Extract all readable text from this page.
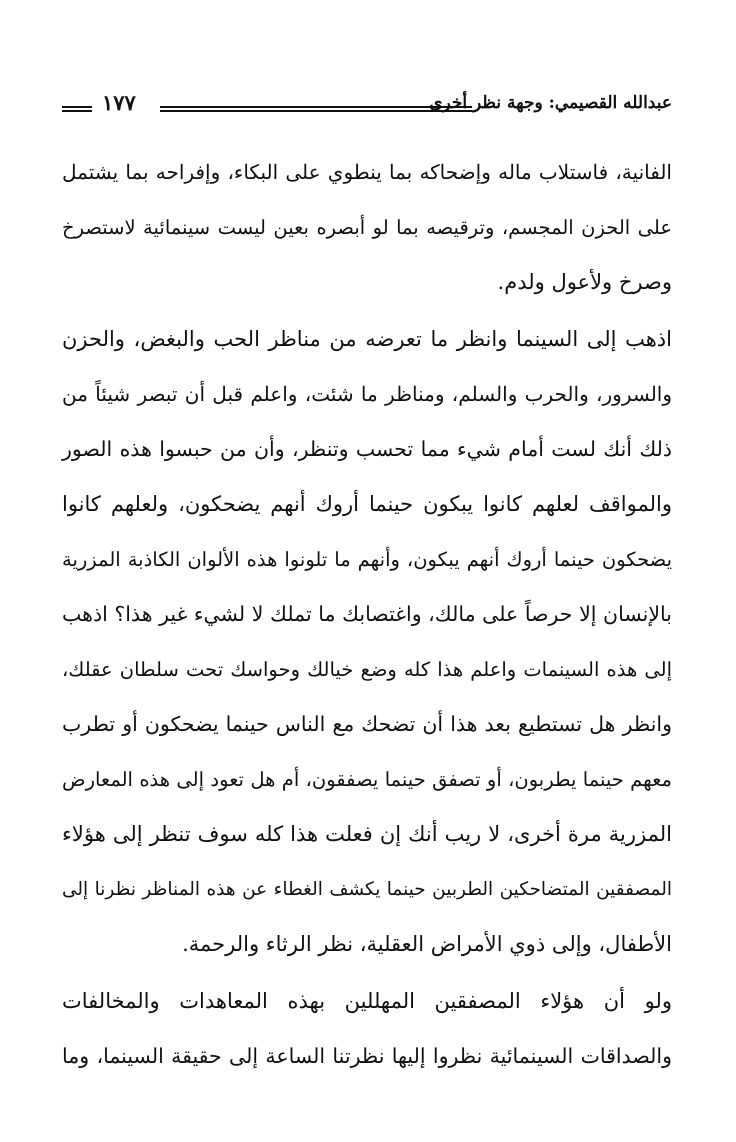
١٧٧	عبدالله القصيمي: وجهة نظر أخرى
الفانية، فاستلاب ماله وإضحاكه بما ينطوي على البكاء، وإفراحه بما يشتمل
على الحزن المجسم، وترقيصه بما لو أبصره بعين ليست سينمائية لاستصرخ
وصرخ ولأعول ولدم.
اذهب إلى السينما وانظر ما تعرضه من مناظر الحب والبغض، والحزن
والسرور، والحرب والسلم، ومناظر ما شئت، واعلم قبل أن تبصر شيئاً من
ذلك أنك لست أمام شيء مما تحسب وتنظر، وأن من حبسوا هذه الصور
والمواقف لعلهم كانوا يبكون حينما أروك أنهم يضحكون، ولعلهم كانوا
يضحكون حينما أروك أنهم يبكون، وأنهم ما تلونوا هذه الألوان الكاذبة المزرية
بالإنسان إلا حرصاً على مالك، واغتصابك ما تملك لا لشيء غير هذا؟ اذهب
إلى هذه السينمات واعلم هذا كله وضع خيالك وحواسك تحت سلطان عقلك،
وانظر هل تستطيع بعد هذا أن تضحك مع الناس حينما يضحكون أو تطرب
معهم حينما يطربون، أو تصفق حينما يصفقون، أم هل تعود إلى هذه المعارض
المزرية مرة أخرى، لا ريب أنك إن فعلت هذا كله سوف تنظر إلى هؤلاء
المصفقين المتضاحكين الطربين حينما يكشف الغطاء عن هذه المناظر نظرنا إلى
الأطفال، وإلى ذوي الأمراض العقلية، نظر الرثاء والرحمة.
ولو أن هؤلاء المصفقين المهللين بهذه المعاهدات والمخالفات
والصداقات السينمائية نظروا إليها نظرتنا الساعة إلى حقيقة السينما، وما
